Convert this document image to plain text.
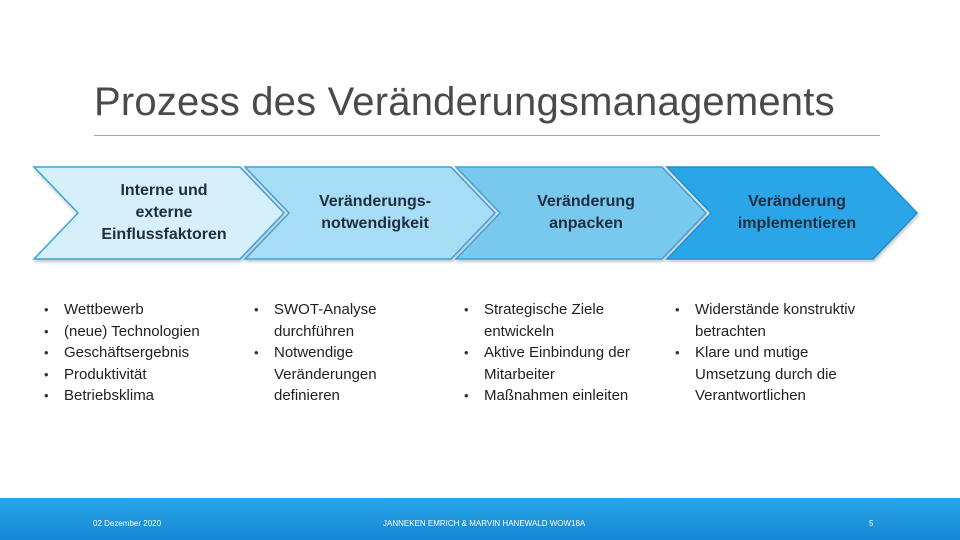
Prozess des Veränderungsmanagements
Interne und
externe
Einflussfaktoren
Veränderungs-
notwendigkeit
Veränderung
anpacken
Veränderung
implementieren
• Wettbewerb
• (neue) Technologien
• Geschäftsergebnis
• Produktivität
• Betriebsklima
• SWOT-Analyse durchführen
• Notwendige Veränderungen definieren
• Strategische Ziele entwickeln
• Aktive Einbindung der Mitarbeiter
• Maßnahmen einleiten
• Widerstände konstruktiv betrachten
• Klare und mutige Umsetzung durch die Verantwortlichen
02 Dezember 2020	JANNEKEN EMRICH & MARVIN HANEWALD WOW18A	5
